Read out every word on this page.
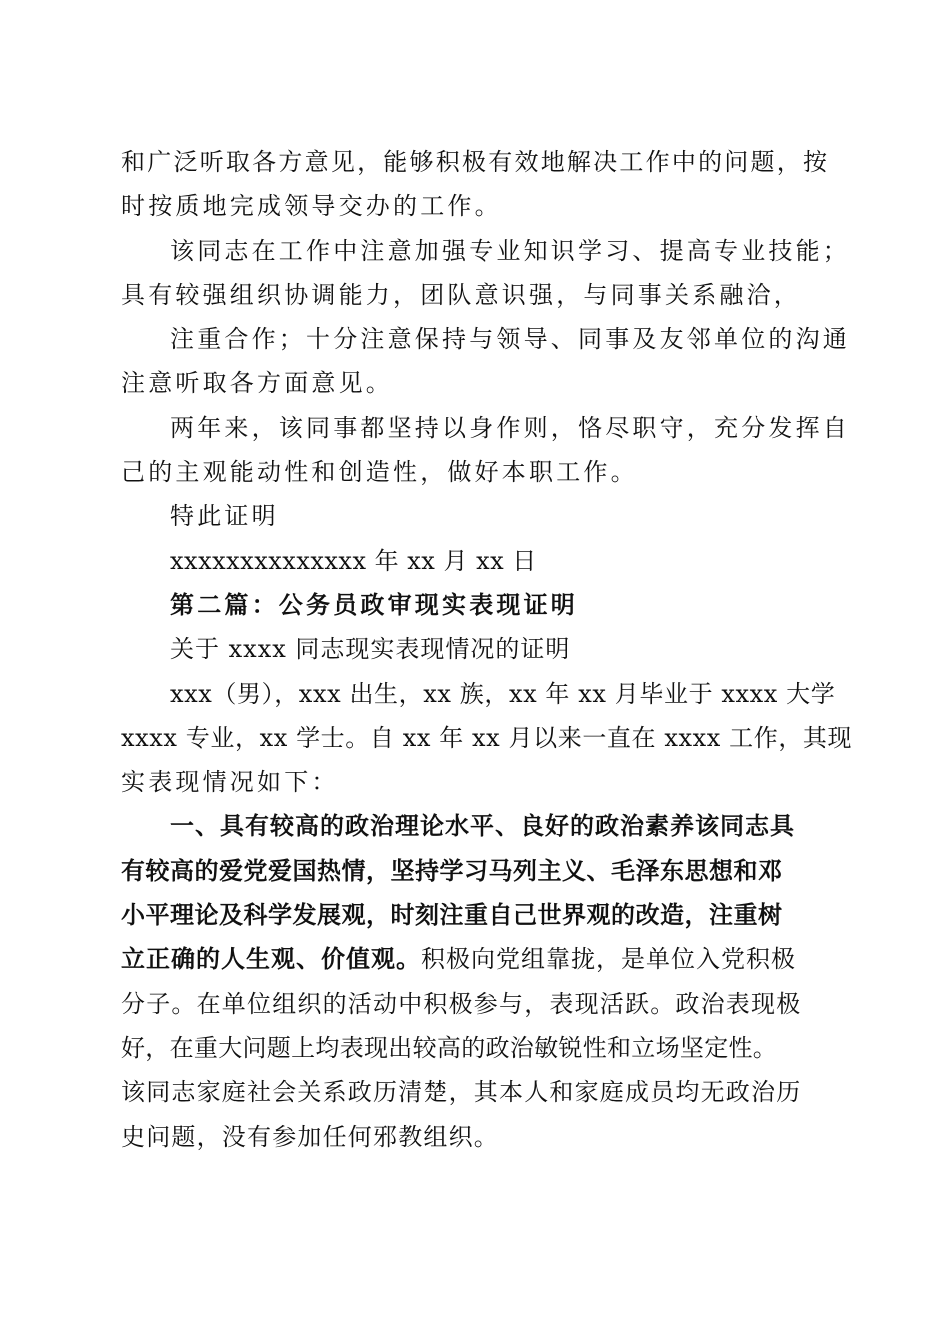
和广泛听取各方意见，能够积极有效地解决工作中的问题，按
时按质地完成领导交办的工作。
该同志在工作中注意加强专业知识学习、提高专业技能；
具有较强组织协调能力，团队意识强，与同事关系融洽，
注重合作；十分注意保持与领导、同事及友邻单位的沟通
注意听取各方面意见。
两年来，该同事都坚持以身作则，恪尽职守，充分发挥自
己的主观能动性和创造性，做好本职工作。
特此证明
xxxxxxxxxxxxxx 年 xx 月 xx 日
第二篇：公务员政审现实表现证明
关于 xxxx 同志现实表现情况的证明
xxx（男），xxx 出生，xx 族，xx 年 xx 月毕业于 xxxx 大学
xxxx 专业，xx 学士。自 xx 年 xx 月以来一直在 xxxx 工作，其现
实表现情况如下：
一、具有较高的政治理论水平、良好的政治素养该同志具
有较高的爱党爱国热情，坚持学习马列主义、毛泽东思想和邓
小平理论及科学发展观，时刻注重自己世界观的改造，注重树
立正确的人生观、价值观。积极向党组靠拢，是单位入党积极
分子。在单位组织的活动中积极参与，表现活跃。政治表现极
好，在重大问题上均表现出较高的政治敏锐性和立场坚定性。
该同志家庭社会关系政历清楚，其本人和家庭成员均无政治历
史问题，没有参加任何邪教组织。
